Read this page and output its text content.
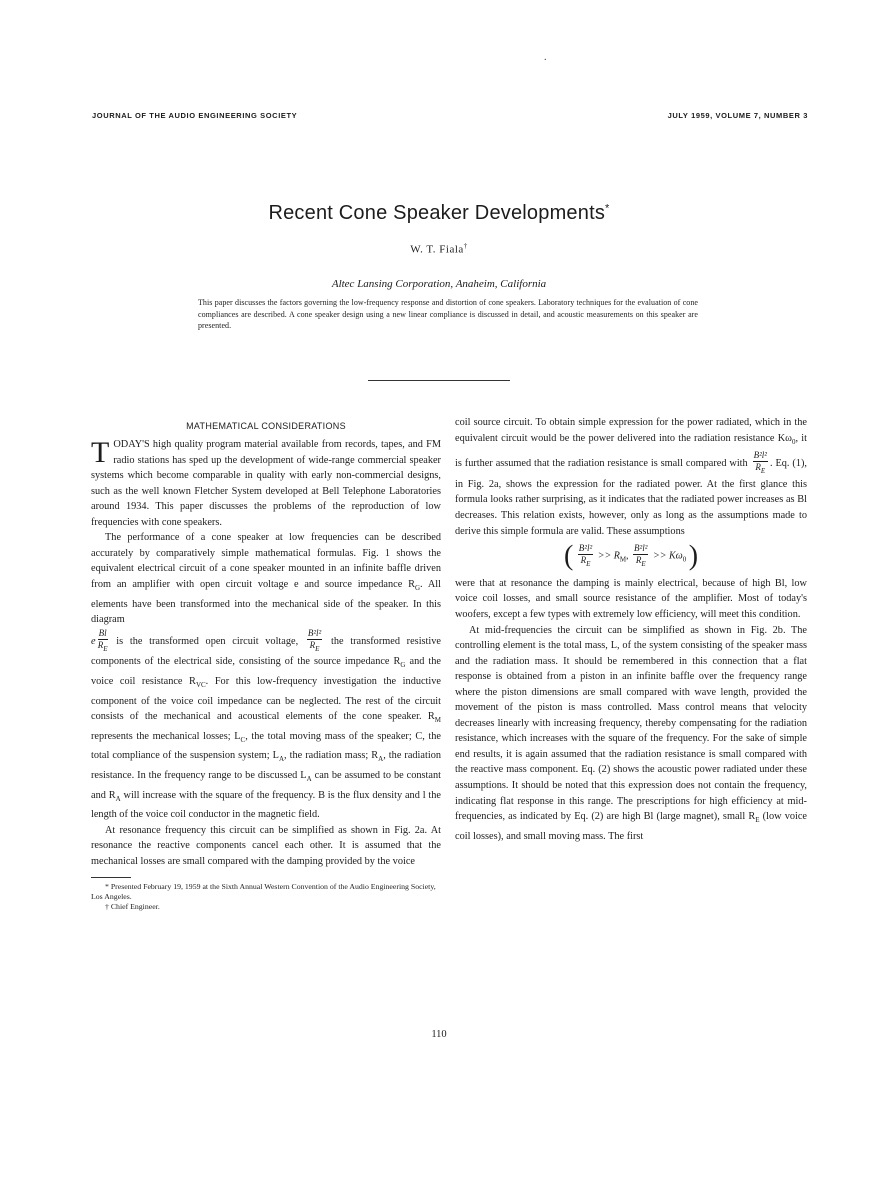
.
JOURNAL OF THE AUDIO ENGINEERING SOCIETY	JULY 1959, VOLUME 7, NUMBER 3
Recent Cone Speaker Developments*
W. T. Fiala†
Altec Lansing Corporation, Anaheim, California
This paper discusses the factors governing the low-frequency response and distortion of cone speakers. Laboratory techniques for the evaluation of cone compliances are described. A cone speaker design using a new linear compliance is discussed in detail, and acoustic measurements on this speaker are presented.
MATHEMATICAL CONSIDERATIONS

TODAY'S high quality program material available from records, tapes, and FM radio stations has sped up the development of wide-range commercial speaker systems which become comparable in quality with early non-commercial designs, such as the well known Fletcher System developed at Bell Telephone Laboratories around 1934. This paper discusses the problems of the reproduction of low frequencies with cone speakers.

The performance of a cone speaker at low frequencies can be described accurately by comparatively simple mathematical formulas. Fig. 1 shows the equivalent electrical circuit of a cone speaker mounted in an infinite baffle driven from an amplifier with open circuit voltage e and source impedance $R_G$. All elements have been transformed into the mechanical side of the speaker. In this diagram

e $\frac{Bl}{R_E}$ is the transformed open circuit voltage, $\frac{\text{B²l²}}{R_E}$ the transformed resistive components of the electrical side, consisting of the source impedance $R_G$ and the voice coil resistance $R_{VC}$. For this low-frequency investigation the inductive component of the voice coil impedance can be neglected. The rest of the circuit consists of the mechanical and acoustical elements of the cone speaker. $R_M$ represents the mechanical losses; $L_C$, the total moving mass of the speaker; C, the total compliance of the suspension system; $L_A$, the radiation mass; $R_A$, the radiation resistance. In the frequency range to be discussed $L_A$ can be assumed to be constant and $R_A$ will increase with the square of the frequency. B is the flux density and l the length of the voice coil conductor in the magnetic field.

At resonance frequency this circuit can be simplified as shown in Fig. 2a. At resonance the reactive components cancel each other. It is assumed that the mechanical losses are small compared with the damping provided by the voice

* Presented February 19, 1959 at the Sixth Annual Western Convention of the Audio Engineering Society, Los Angeles.

† Chief Engineer.

coil source circuit. To obtain simple expression for the power radiated, which in the equivalent circuit would be the power delivered into the radiation resistance $K\omega_0$, it is further assumed that the radiation resistance is small compared with $\frac{\text{B²l²}}{R_E}$ . Eq. (1), in Fig. 2a, shows the expression for the radiated power. At the first glance this formula looks rather surprising, as it indicates that the radiated power increases as Bl decreases. This relation exists, however, only as long as the assumptions made to derive this simple formula are valid. These assumptions

( $\frac{\text{B²l²}}{R_E} >> R_M$, $\frac{\text{B²l²}}{R_E} >> K\omega_0$ )

were that at resonance the damping is mainly electrical, because of high Bl, low voice coil losses, and small source resistance of the amplifier. Most of today's woofers, except a few types with extremely low efficiency, will meet this condition.

At mid-frequencies the circuit can be simplified as shown in Fig. 2b. The controlling element is the total mass, L, of the system consisting of the speaker mass and the radiation mass. It should be remembered in this connection that a flat response is obtained from a piston in an infinite baffle over the frequency range where the piston dimensions are small compared with wave length, provided the movement of the piston is mass controlled. Mass control means that velocity decreases linearly with increasing frequency, thereby compensating for the radiation resistance, which increases with the square of the frequency. For the sake of simple end results, it is again assumed that the radiation resistance is small compared with the reactive mass component. Eq. (2) shows the acoustic power radiated under these assumptions. It should be noted that this expression does not contain the frequency, indicating flat response in this range. The prescriptions for high efficiency at mid-frequencies, as indicated by Eq. (2) are high Bl (large magnet), small $R_E$ (low voice coil losses), and small moving mass. The first

110
